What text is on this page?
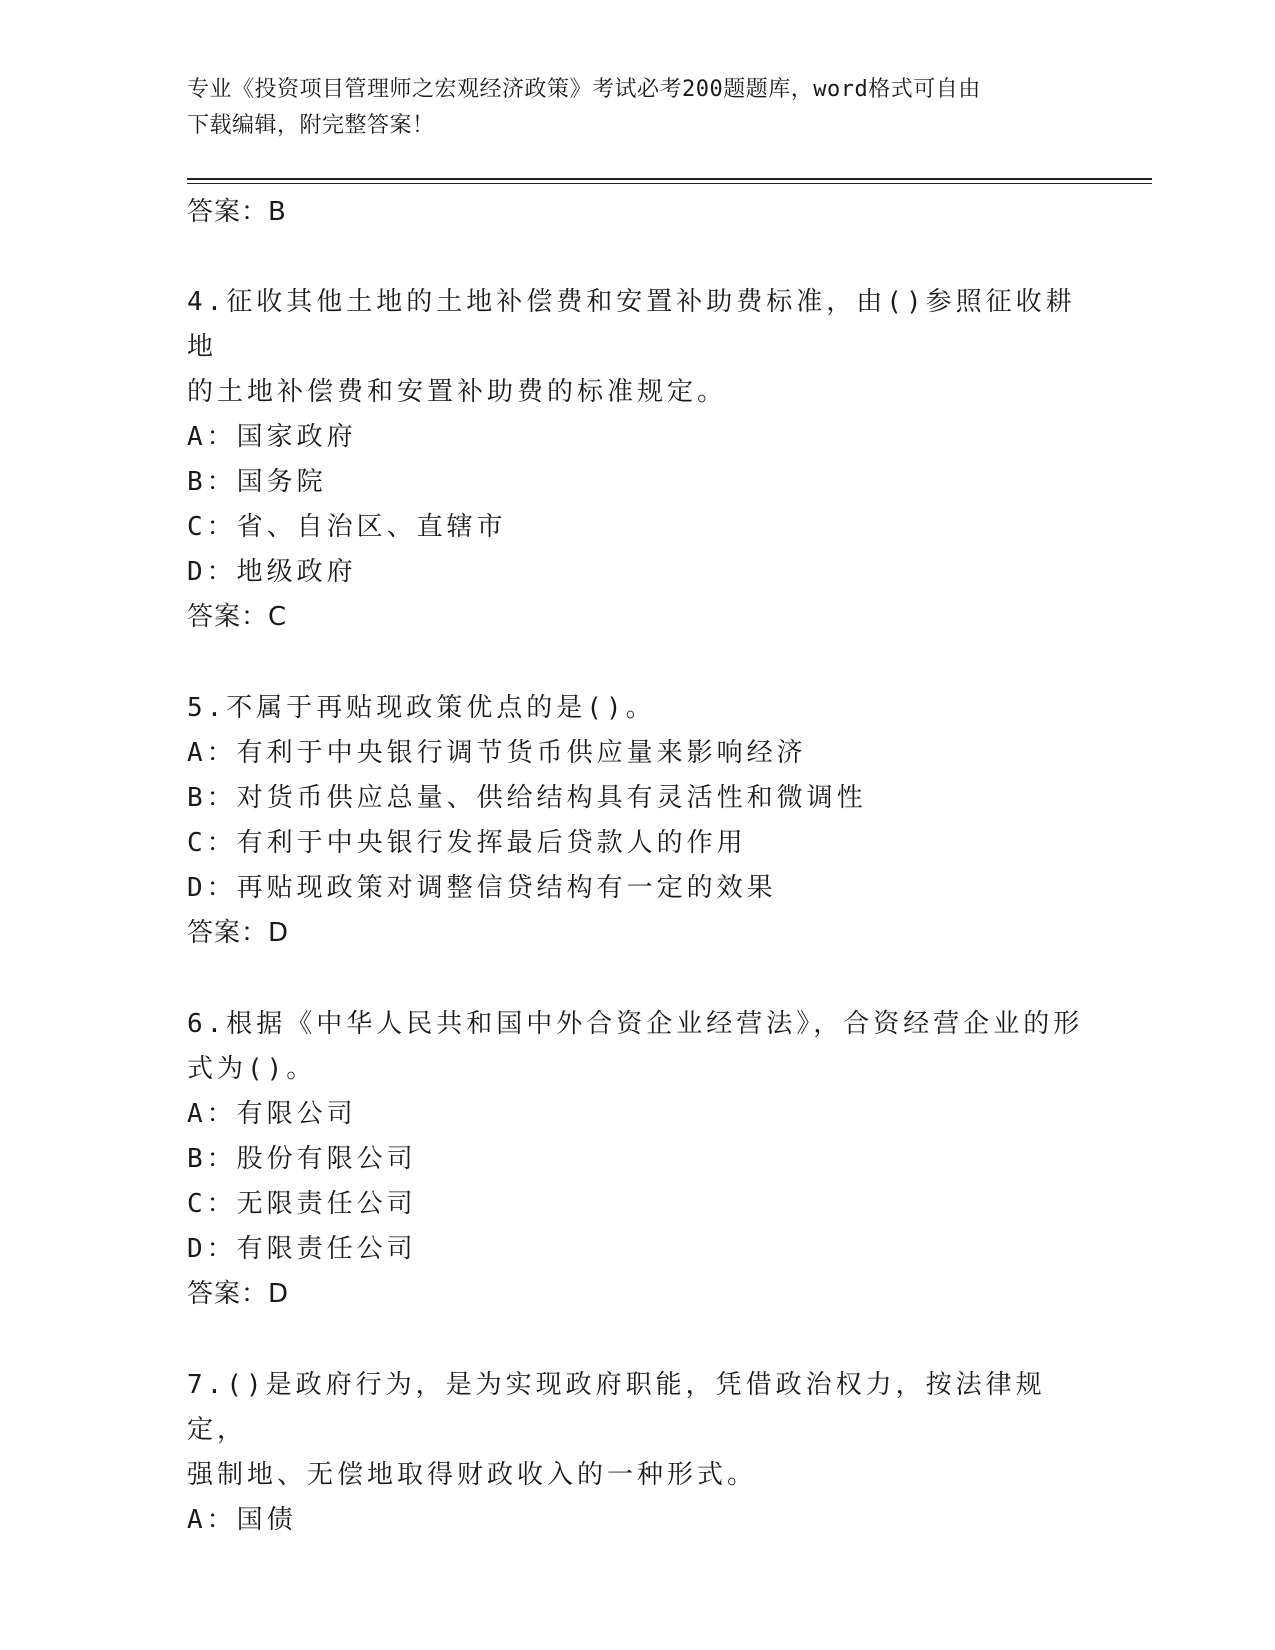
专业《投资项目管理师之宏观经济政策》考试必考200题题库，word格式可自由
下载编辑，附完整答案！
答案：B
4.征收其他土地的土地补偿费和安置补助费标准，由()参照征收耕地
的土地补偿费和安置补助费的标准规定。
A：国家政府
B：国务院
C：省、自治区、直辖市
D：地级政府
答案：C
5.不属于再贴现政策优点的是()。
A：有利于中央银行调节货币供应量来影响经济
B：对货币供应总量、供给结构具有灵活性和微调性
C：有利于中央银行发挥最后贷款人的作用
D：再贴现政策对调整信贷结构有一定的效果
答案：D
6.根据《中华人民共和国中外合资企业经营法》，合资经营企业的形
式为()。
A：有限公司
B：股份有限公司
C：无限责任公司
D：有限责任公司
答案：D
7.()是政府行为，是为实现政府职能，凭借政治权力，按法律规定，
强制地、无偿地取得财政收入的一种形式。
A：国债
